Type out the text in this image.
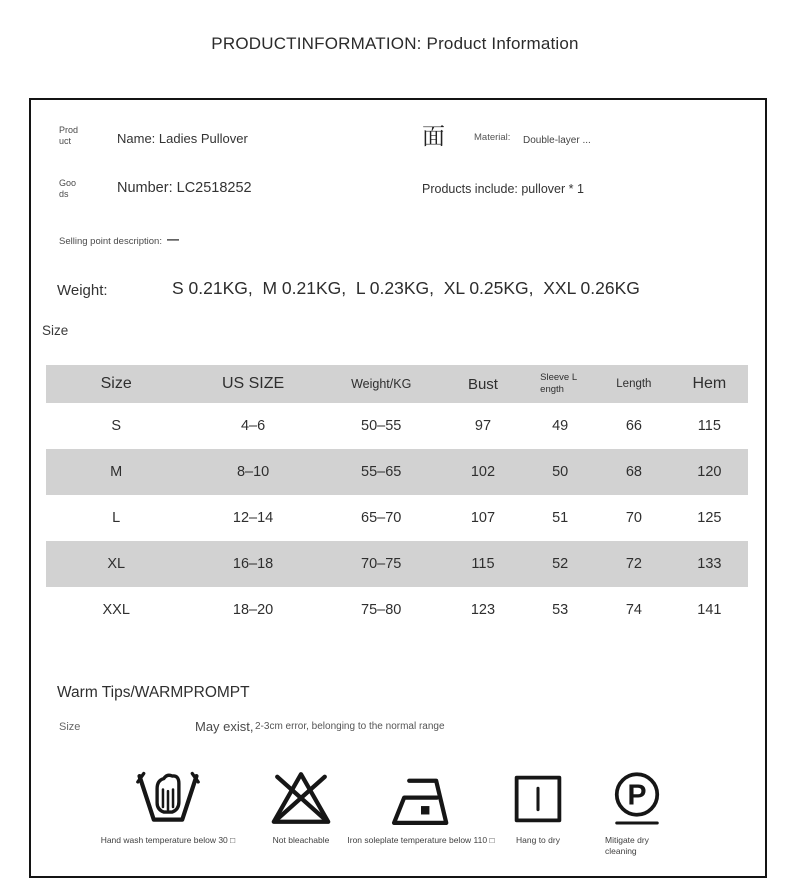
PRODUCTINFORMATION: Product Information
Product	Name: Ladies Pullover	面	Material: Double-layer ...
Goods	Number: LC2518252	Products include: pullover * 1
Selling point description: —
Weight:	S 0.21KG,  M 0.21KG,  L 0.23KG,  XL 0.25KG,  XXL 0.26KG
Size
Size	US SIZE	Weight/KG	Bust	Sleeve Length	Length	Hem
S	4–6	50–55	97	49	66	115
M	8–10	55–65	102	50	68	120
L	12–14	65–70	107	51	70	125
XL	16–18	70–75	115	52	72	133
XXL	18–20	75–80	123	53	74	141
Warm Tips/WARMPROMPT
Size	May exist, 2-3cm error, belonging to the normal range
Hand wash temperature below 30 □	Not bleachable Iron soleplate temperature below 110 □	Hang to dry
P
Mitigate dry cleaning
